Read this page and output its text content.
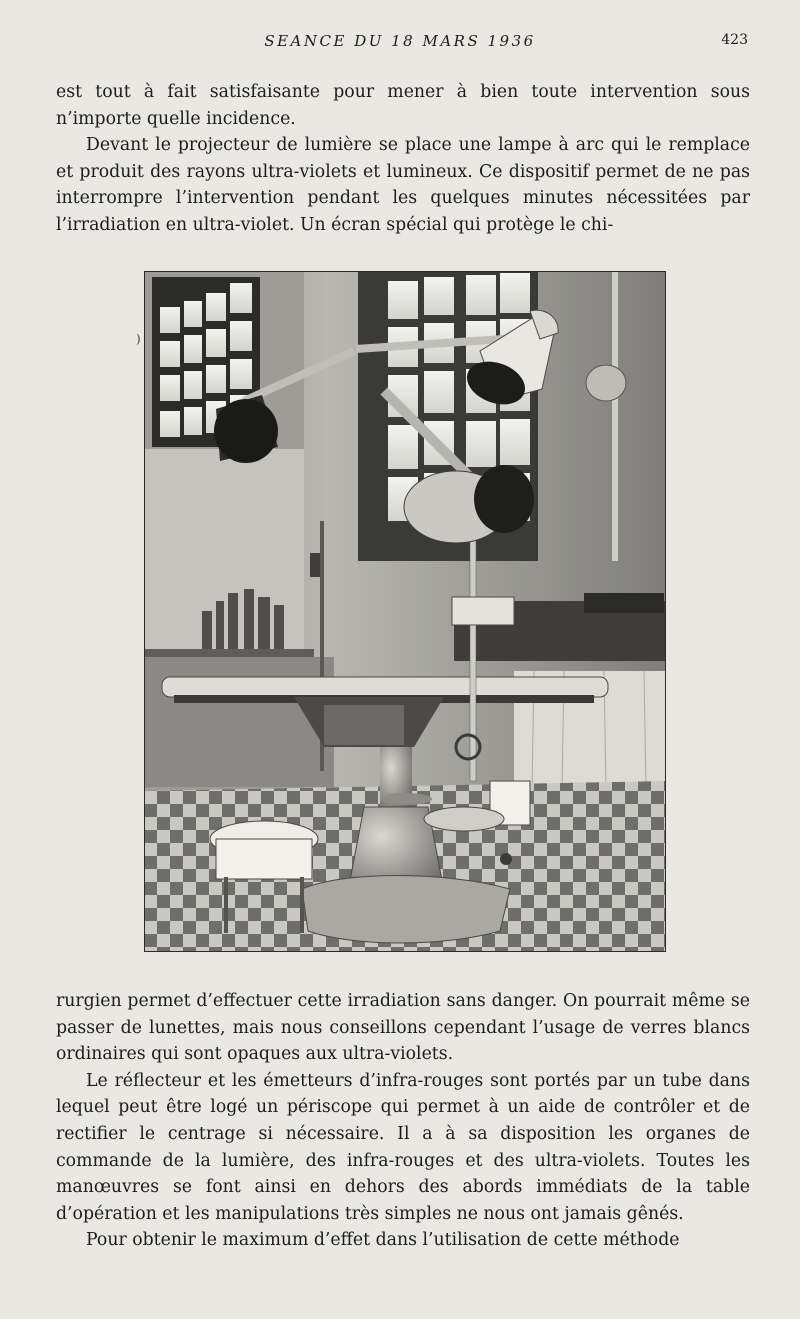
SEANCE DU 18 MARS 1936	423

est tout à fait satisfaisante pour mener à bien toute intervention sous n’importe quelle incidence.

Devant le projecteur de lumière se place une lampe à arc qui le remplace et produit des rayons ultra-violets et lumineux. Ce dispositif permet de ne pas interrompre l’intervention pendant les quelques minutes nécessitées par l’irradiation en ultra-violet. Un écran spécial qui protège le chi-

)

rurgien permet d’effectuer cette irradiation sans danger. On pourrait même se passer de lunettes, mais nous conseillons cependant l’usage de verres blancs ordinaires qui sont opaques aux ultra-violets.

Le réflecteur et les émetteurs d’infra-rouges sont portés par un tube dans lequel peut être logé un périscope qui permet à un aide de contrôler et de rectifier le centrage si nécessaire. Il a à sa disposition les organes de commande de la lumière, des infra-rouges et des ultra-violets. Toutes les manœuvres se font ainsi en dehors des abords immédiats de la table d’opération et les manipulations très simples ne nous ont jamais gênés.

Pour obtenir le maximum d’effet dans l’utilisation de cette méthode
